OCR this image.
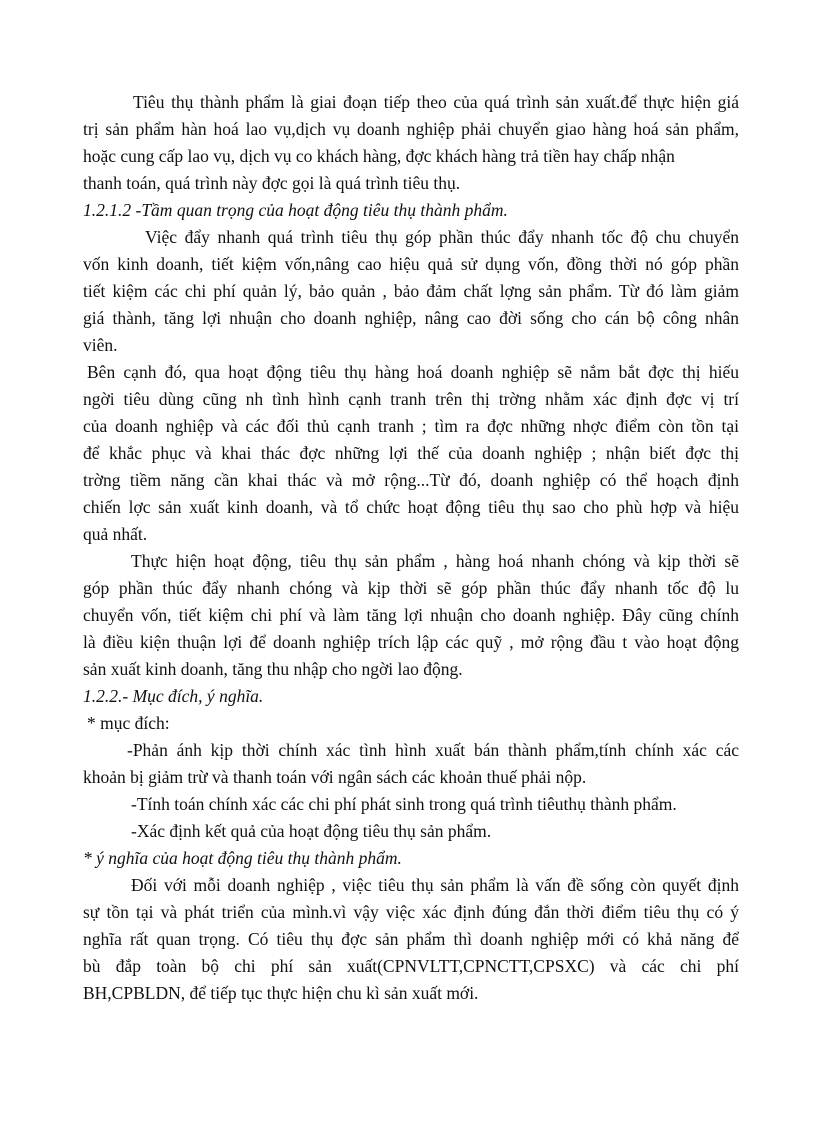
Tiêu thụ thành phẩm là giai đoạn tiếp theo của quá trình sản xuất.để thực hiện giá
trị sản phẩm hàn hoá lao vụ,dịch vụ doanh nghiệp phải chuyển giao hàng hoá sản phẩm,
hoặc cung cấp lao vụ, dịch vụ co khách hàng, đợc khách hàng trả tiền hay chấp nhận
thanh toán, quá trình này đợc gọi là quá trình tiêu thụ.
1.2.1.2 -Tầm quan trọng của hoạt động tiêu thụ thành phẩm.
Việc đẩy nhanh quá trình tiêu thụ góp phần thúc đẩy nhanh tốc độ chu chuyển
vốn kinh doanh, tiết kiệm vốn,nâng cao hiệu quả sử dụng vốn, đồng thời nó góp phần
tiết kiệm các chi phí quản lý, bảo quản , bảo đảm chất lợng sản phẩm. Từ đó làm giảm
giá thành, tăng lợi nhuận cho doanh nghiệp, nâng cao đời sống cho cán bộ công nhân
viên.
Bên cạnh đó, qua hoạt động tiêu thụ hàng hoá doanh nghiệp sẽ nắm bắt đợc thị hiếu
ngời tiêu dùng cũng nh tình hình cạnh tranh trên thị trờng nhằm xác định đợc vị trí
của doanh nghiệp và các đối thủ cạnh tranh ; tìm ra đợc những nhợc điểm còn tồn tại
để khắc phục và khai thác đợc những lợi thế của doanh nghiệp ; nhận biết đợc thị
trờng tiềm năng cần khai thác và mở rộng...Từ đó, doanh nghiệp có thể hoạch định
chiến lợc sản xuất kinh doanh, và tổ chức hoạt động tiêu thụ sao cho phù hợp và hiệu
quả nhất.
Thực hiện hoạt động, tiêu thụ sản phẩm , hàng hoá nhanh chóng và kịp thời sẽ
góp phần thúc đẩy nhanh chóng và kịp thời sẽ góp phần thúc đẩy nhanh tốc độ lu
chuyển vốn, tiết kiệm chi phí và làm tăng lợi nhuận cho doanh nghiệp. Đây cũng chính
là điều kiện thuận lợi để doanh nghiệp trích lập các quỹ , mở rộng đầu t vào hoạt động
sản xuất kinh doanh, tăng thu nhập cho ngời lao động.
1.2.2.- Mục đích, ý nghĩa.
* mục đích:
-Phản ánh kịp thời chính xác tình hình xuất bán thành phẩm,tính chính xác các
khoản bị giảm trừ và thanh toán với ngân sách các khoản thuế phải nộp.
-Tính toán chính xác các chi phí phát sinh trong quá trình tiêuthụ thành phẩm.
-Xác định kết quả của hoạt động tiêu thụ sản phẩm.
* ý nghĩa của hoạt động tiêu thụ thành phẩm.
Đối với mỗi doanh nghiệp , việc tiêu thụ sản phẩm là vấn đề sống còn quyết định
sự tồn tại và phát triển của mình.vì vậy việc xác định đúng đắn thời điểm tiêu thụ có ý
nghĩa rất quan trọng. Có tiêu thụ đợc sản phẩm thì doanh nghiệp mới có khả năng để
bù đắp toàn bộ chi phí sản xuất(CPNVLTT,CPNCTT,CPSXC) và các chi phí
BH,CPBLDN, để tiếp tục thực hiện chu kì sản xuất mới.
